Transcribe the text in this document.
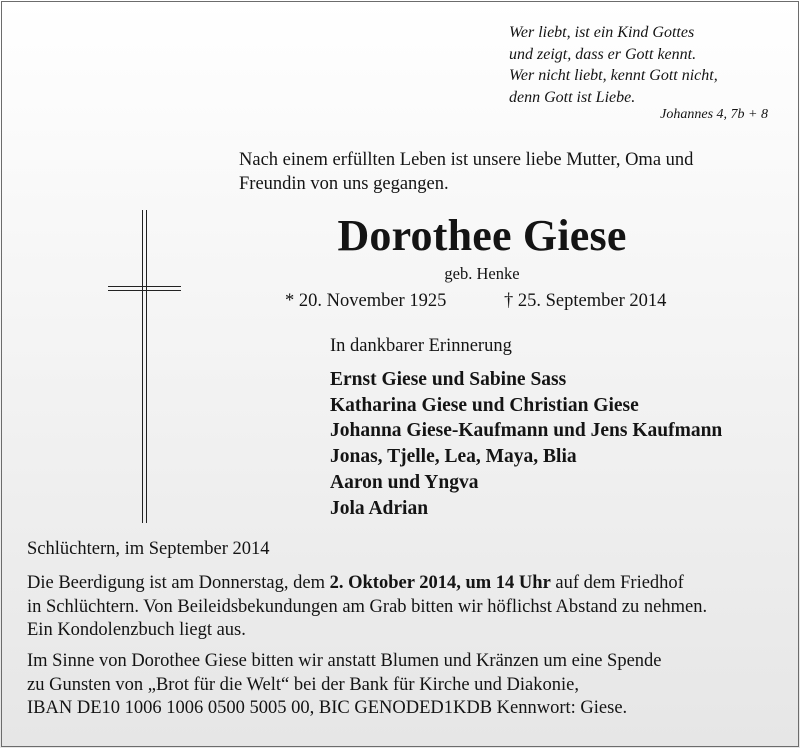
Wer liebt, ist ein Kind Gottes
und zeigt, dass er Gott kennt.
Wer nicht liebt, kennt Gott nicht,
denn Gott ist Liebe.
Johannes 4, 7b + 8
Nach einem erfüllten Leben ist unsere liebe Mutter, Oma und
Freundin von uns gegangen.
Dorothee Giese
geb. Henke
* 20. November 1925	† 25. September 2014
In dankbarer Erinnerung
Ernst Giese und Sabine Sass
Katharina Giese und Christian Giese
Johanna Giese-Kaufmann und Jens Kaufmann
Jonas, Tjelle, Lea, Maya, Blia
Aaron und Yngva
Jola Adrian
Schlüchtern, im September 2014
Die Beerdigung ist am Donnerstag, dem 2. Oktober 2014, um 14 Uhr auf dem Friedhof
in Schlüchtern. Von Beileidsbekundungen am Grab bitten wir höflichst Abstand zu nehmen.
Ein Kondolenzbuch liegt aus.
Im Sinne von Dorothee Giese bitten wir anstatt Blumen und Kränzen um eine Spende
zu Gunsten von „Brot für die Welt“ bei der Bank für Kirche und Diakonie,
IBAN DE10 1006 1006 0500 5005 00, BIC GENODED1KDB Kennwort: Giese.
